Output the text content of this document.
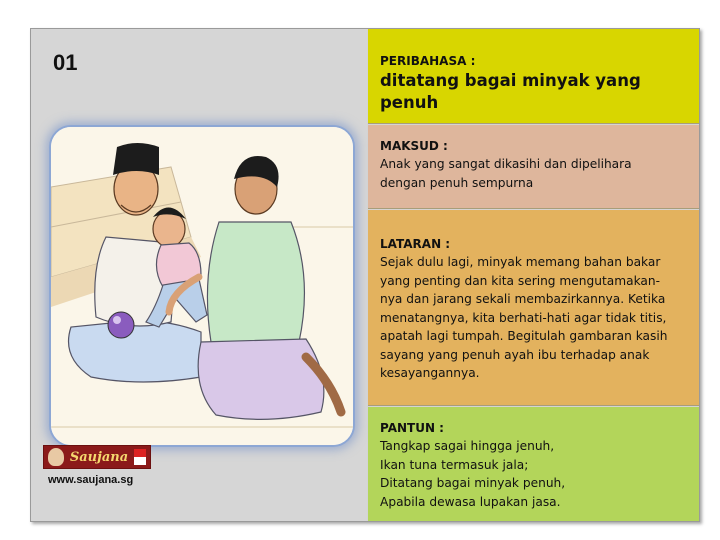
01
Saujana
www.saujana.sg
PERIBAHASA :
ditatang bagai minyak yang penuh
MAKSUD :
Anak yang sangat dikasihi dan dipelihara
dengan penuh sempurna
LATARAN :
Sejak dulu lagi, minyak memang bahan bakar
yang penting dan kita sering mengutamakan-
nya dan jarang sekali membazirkannya. Ketika
menatangnya, kita berhati-hati agar tidak titis,
apatah lagi tumpah. Begitulah gambaran kasih
sayang yang penuh ayah ibu terhadap anak
kesayangannya.
PANTUN :
Tangkap sagai hingga jenuh,
Ikan tuna termasuk jala;
Ditatang bagai minyak penuh,
Apabila dewasa lupakan jasa.
